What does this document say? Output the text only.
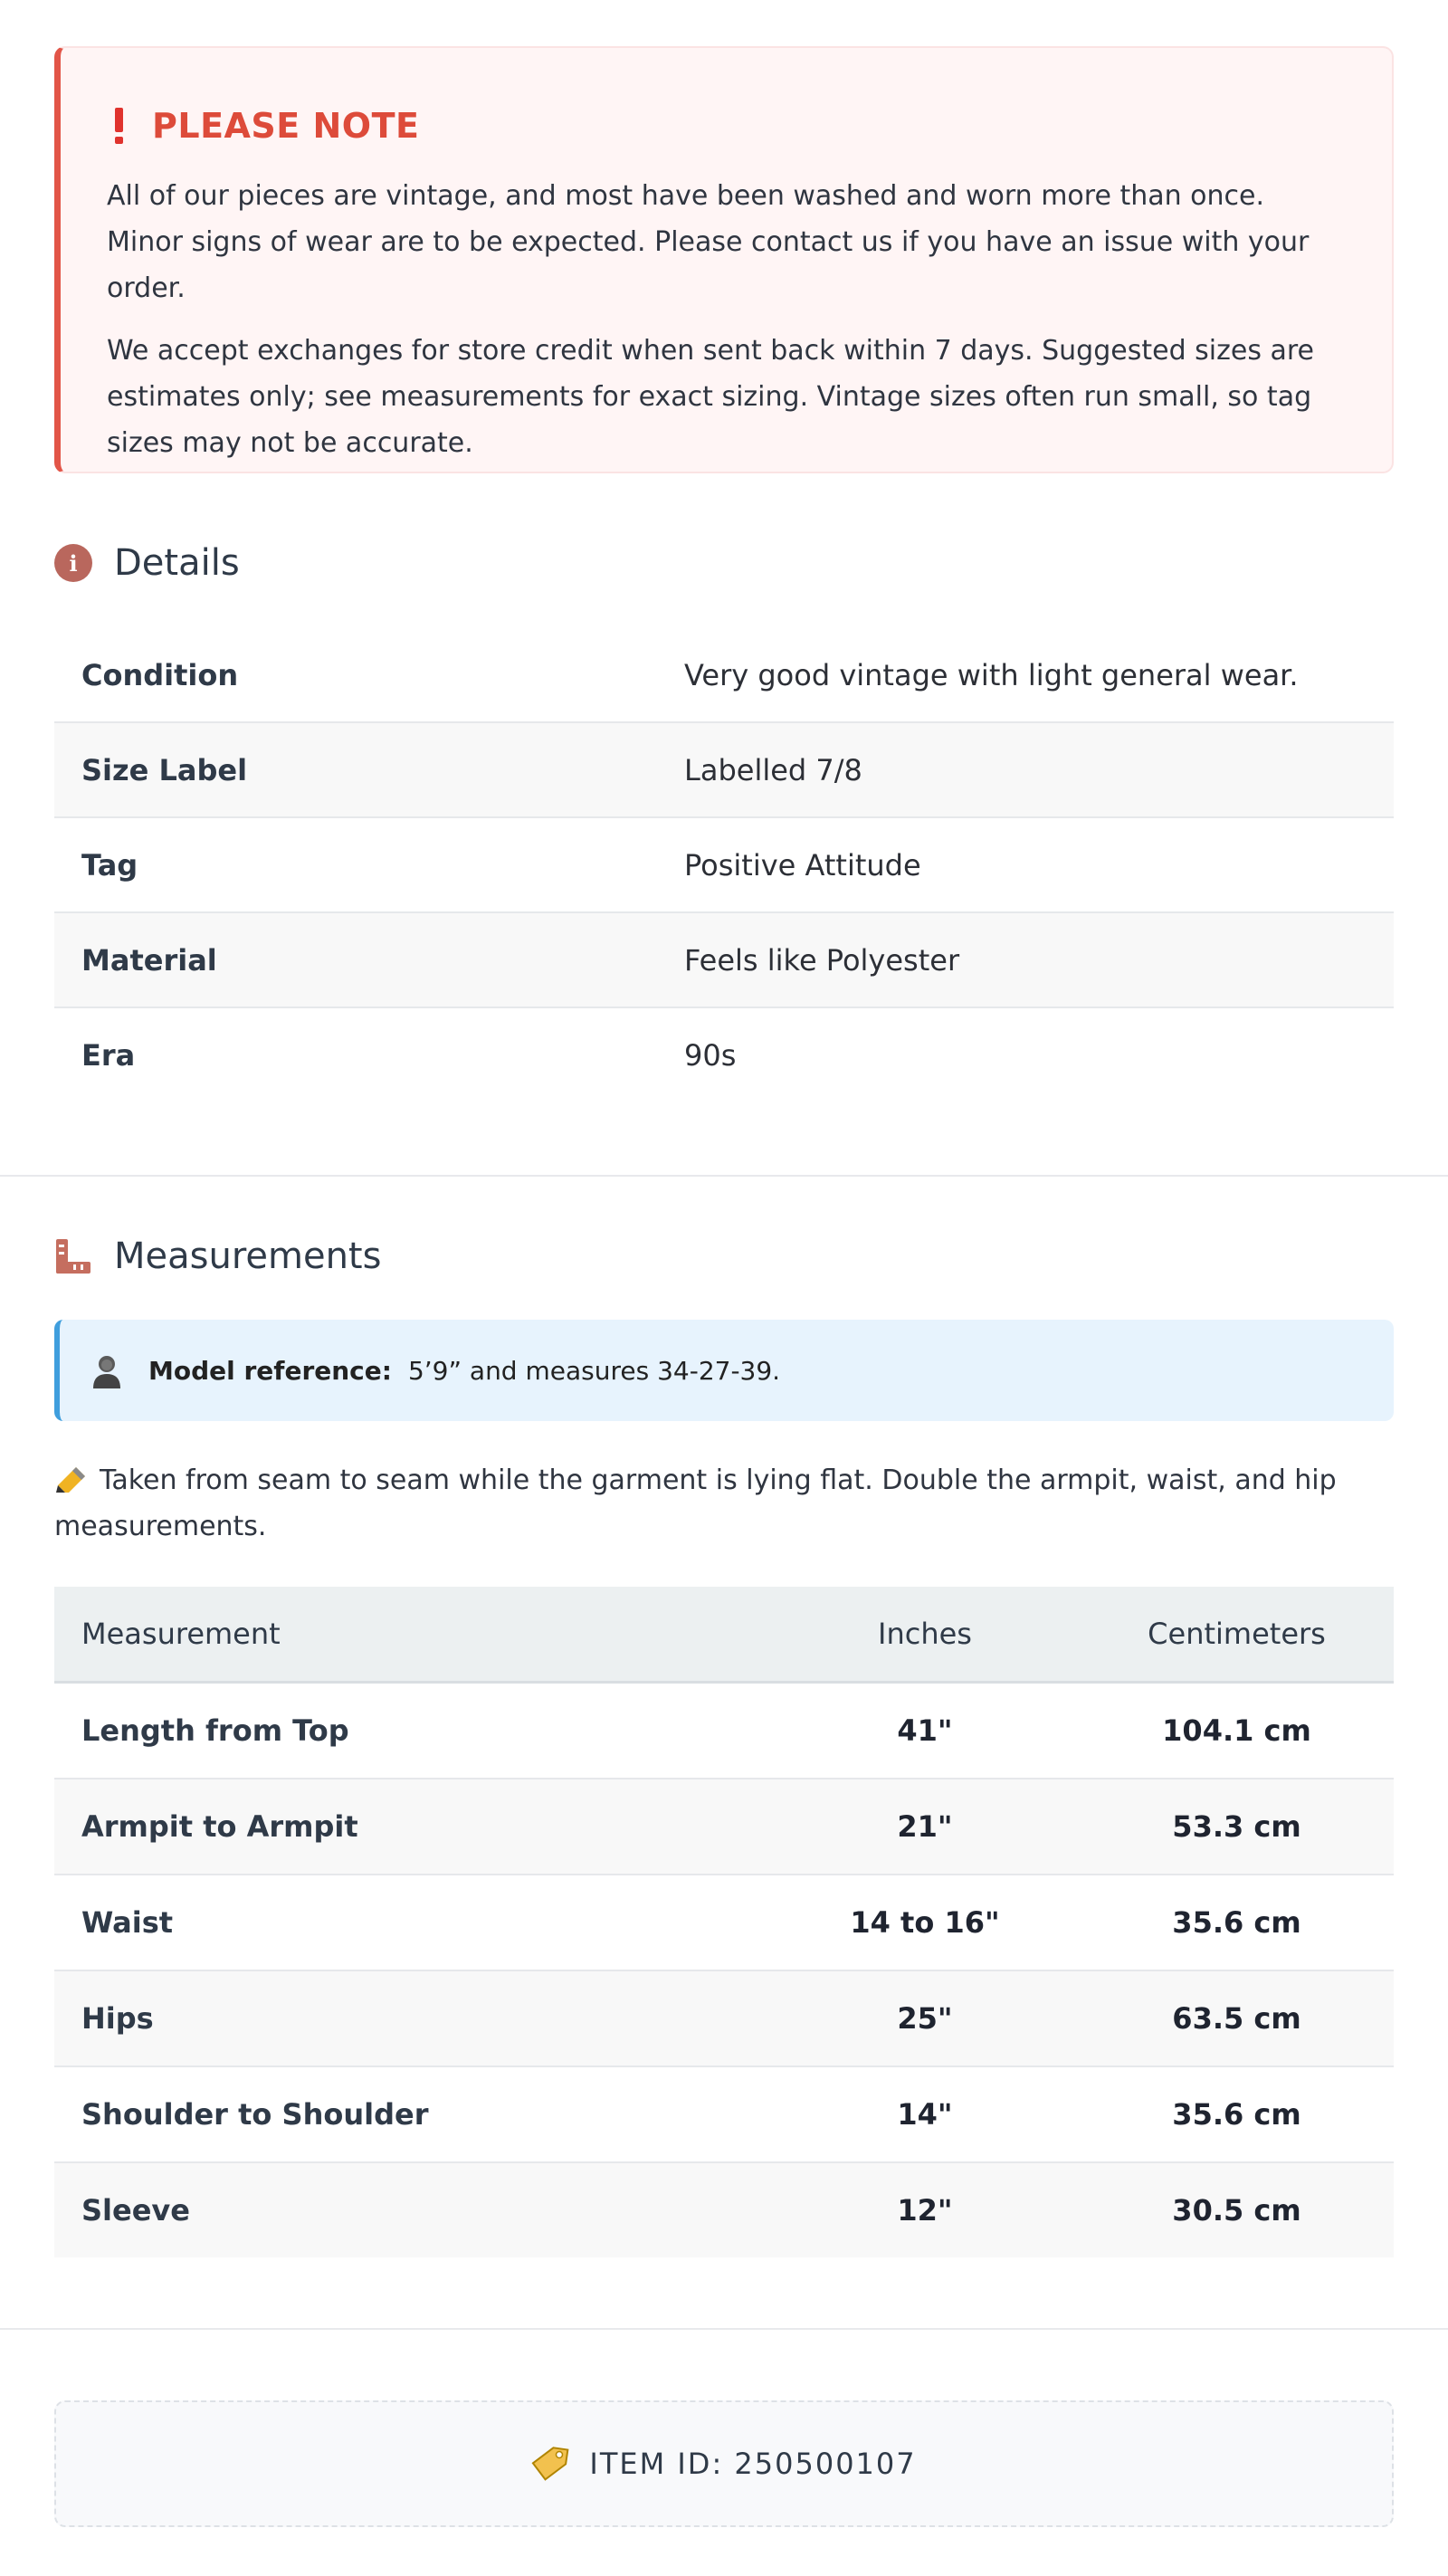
PLEASE NOTE

All of our pieces are vintage, and most have been washed and worn more than once. Minor signs of wear are to be expected. Please contact us if you have an issue with your order.

We accept exchanges for store credit when sent back within 7 days. Suggested sizes are estimates only; see measurements for exact sizing. Vintage sizes often run small, so tag sizes may not be accurate.

i	Details
Condition	Very good vintage with light general wear.
Size Label	Labelled 7/8
Tag	Positive Attitude
Material	Feels like Polyester
Era	90s
Measurements
Model reference: 5’9” and measures 34-27-39.
Taken from seam to seam while the garment is lying flat. Double the armpit, waist, and hip measurements.
Measurement	Inches	Centimeters
Length from Top	41"	104.1 cm
Armpit to Armpit	21"	53.3 cm
Waist	14 to 16"	35.6 cm
Hips	25"	63.5 cm
Shoulder to Shoulder	14"	35.6 cm
Sleeve	12"	30.5 cm
ITEM ID: 250500107
